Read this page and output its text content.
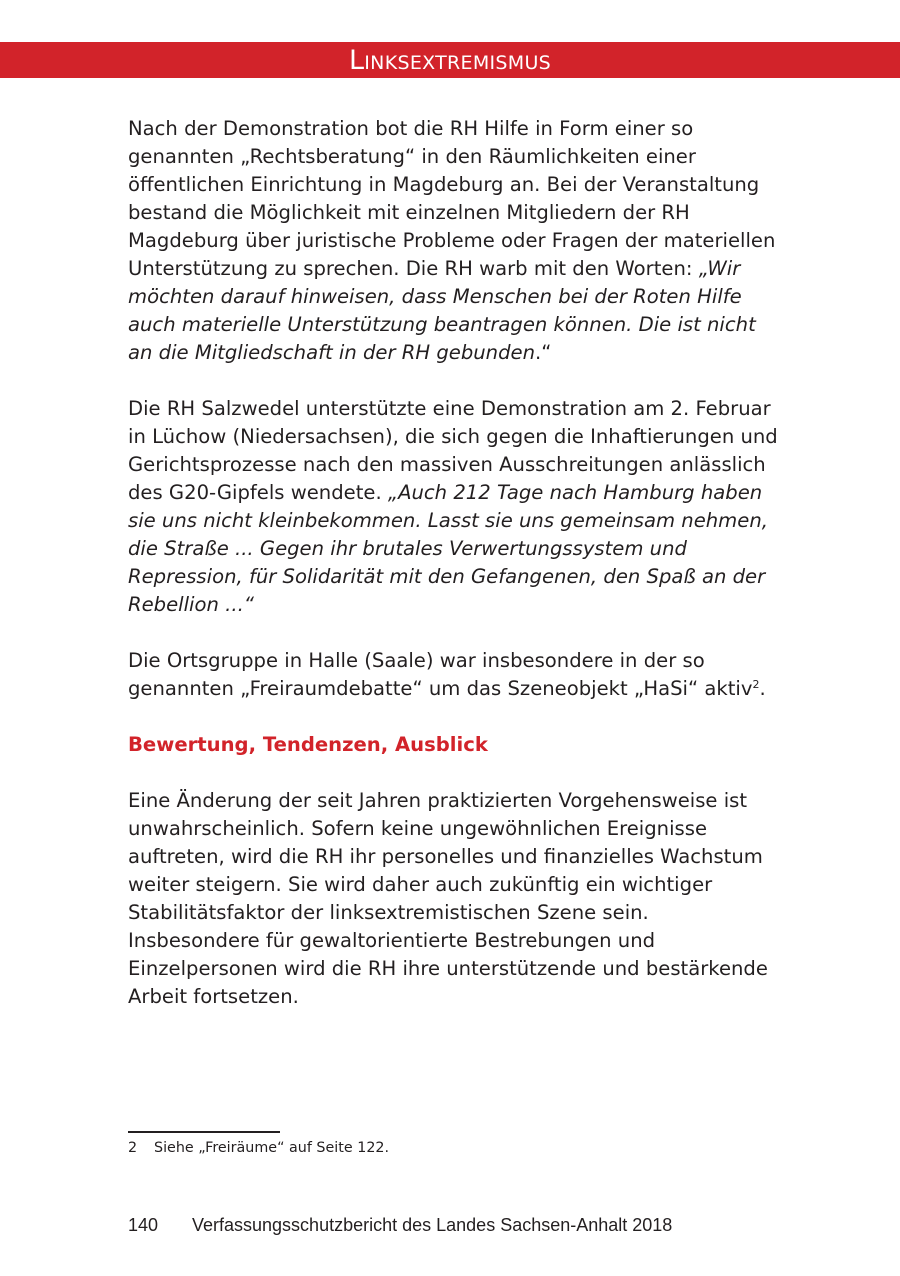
Linksextremismus

Nach der Demonstration bot die RH Hilfe in Form einer so genannten „Rechtsberatung“ in den Räumlichkeiten einer öffentlichen Einrichtung in Magdeburg an. Bei der Veranstaltung bestand die Möglichkeit mit einzelnen Mitgliedern der RH Magdeburg über juristische Probleme oder Fragen der materiellen Unterstützung zu sprechen. Die RH warb mit den Worten: „Wir möchten darauf hinweisen, dass Menschen bei der Roten Hilfe auch materielle Unterstützung beantragen können. Die ist nicht an die Mitgliedschaft in der RH gebunden.“

Die RH Salzwedel unterstützte eine Demonstration am 2. Februar in Lüchow (Niedersachsen), die sich gegen die Inhaftierungen und Gerichtsprozesse nach den massiven Ausschreitungen anlässlich des G20-Gipfels wendete. „Auch 212 Tage nach Hamburg haben sie uns nicht kleinbekommen. Lasst sie uns gemeinsam nehmen, die Straße ... Gegen ihr brutales Verwertungssystem und Repression, für Solidarität mit den Gefangenen, den Spaß an der Rebellion ...“

Die Ortsgruppe in Halle (Saale) war insbesondere in der so genannten „Freiraumdebatte“ um das Szeneobjekt „HaSi“ aktiv$^2$.

Bewertung, Tendenzen, Ausblick

Eine Änderung der seit Jahren praktizierten Vorgehensweise ist unwahrscheinlich. Sofern keine ungewöhnlichen Ereignisse auftreten, wird die RH ihr personelles und finanzielles Wachstum weiter steigern. Sie wird daher auch zukünftig ein wichtiger Stabilitätsfaktor der linksextremistischen Szene sein. Insbesondere für gewaltorientierte Bestrebungen und Einzelpersonen wird die RH ihre unterstützende und bestärkende Arbeit fortsetzen.

2 Siehe „Freiräume“ auf Seite 122.
140 Verfassungsschutzbericht des Landes Sachsen-Anhalt 2018
